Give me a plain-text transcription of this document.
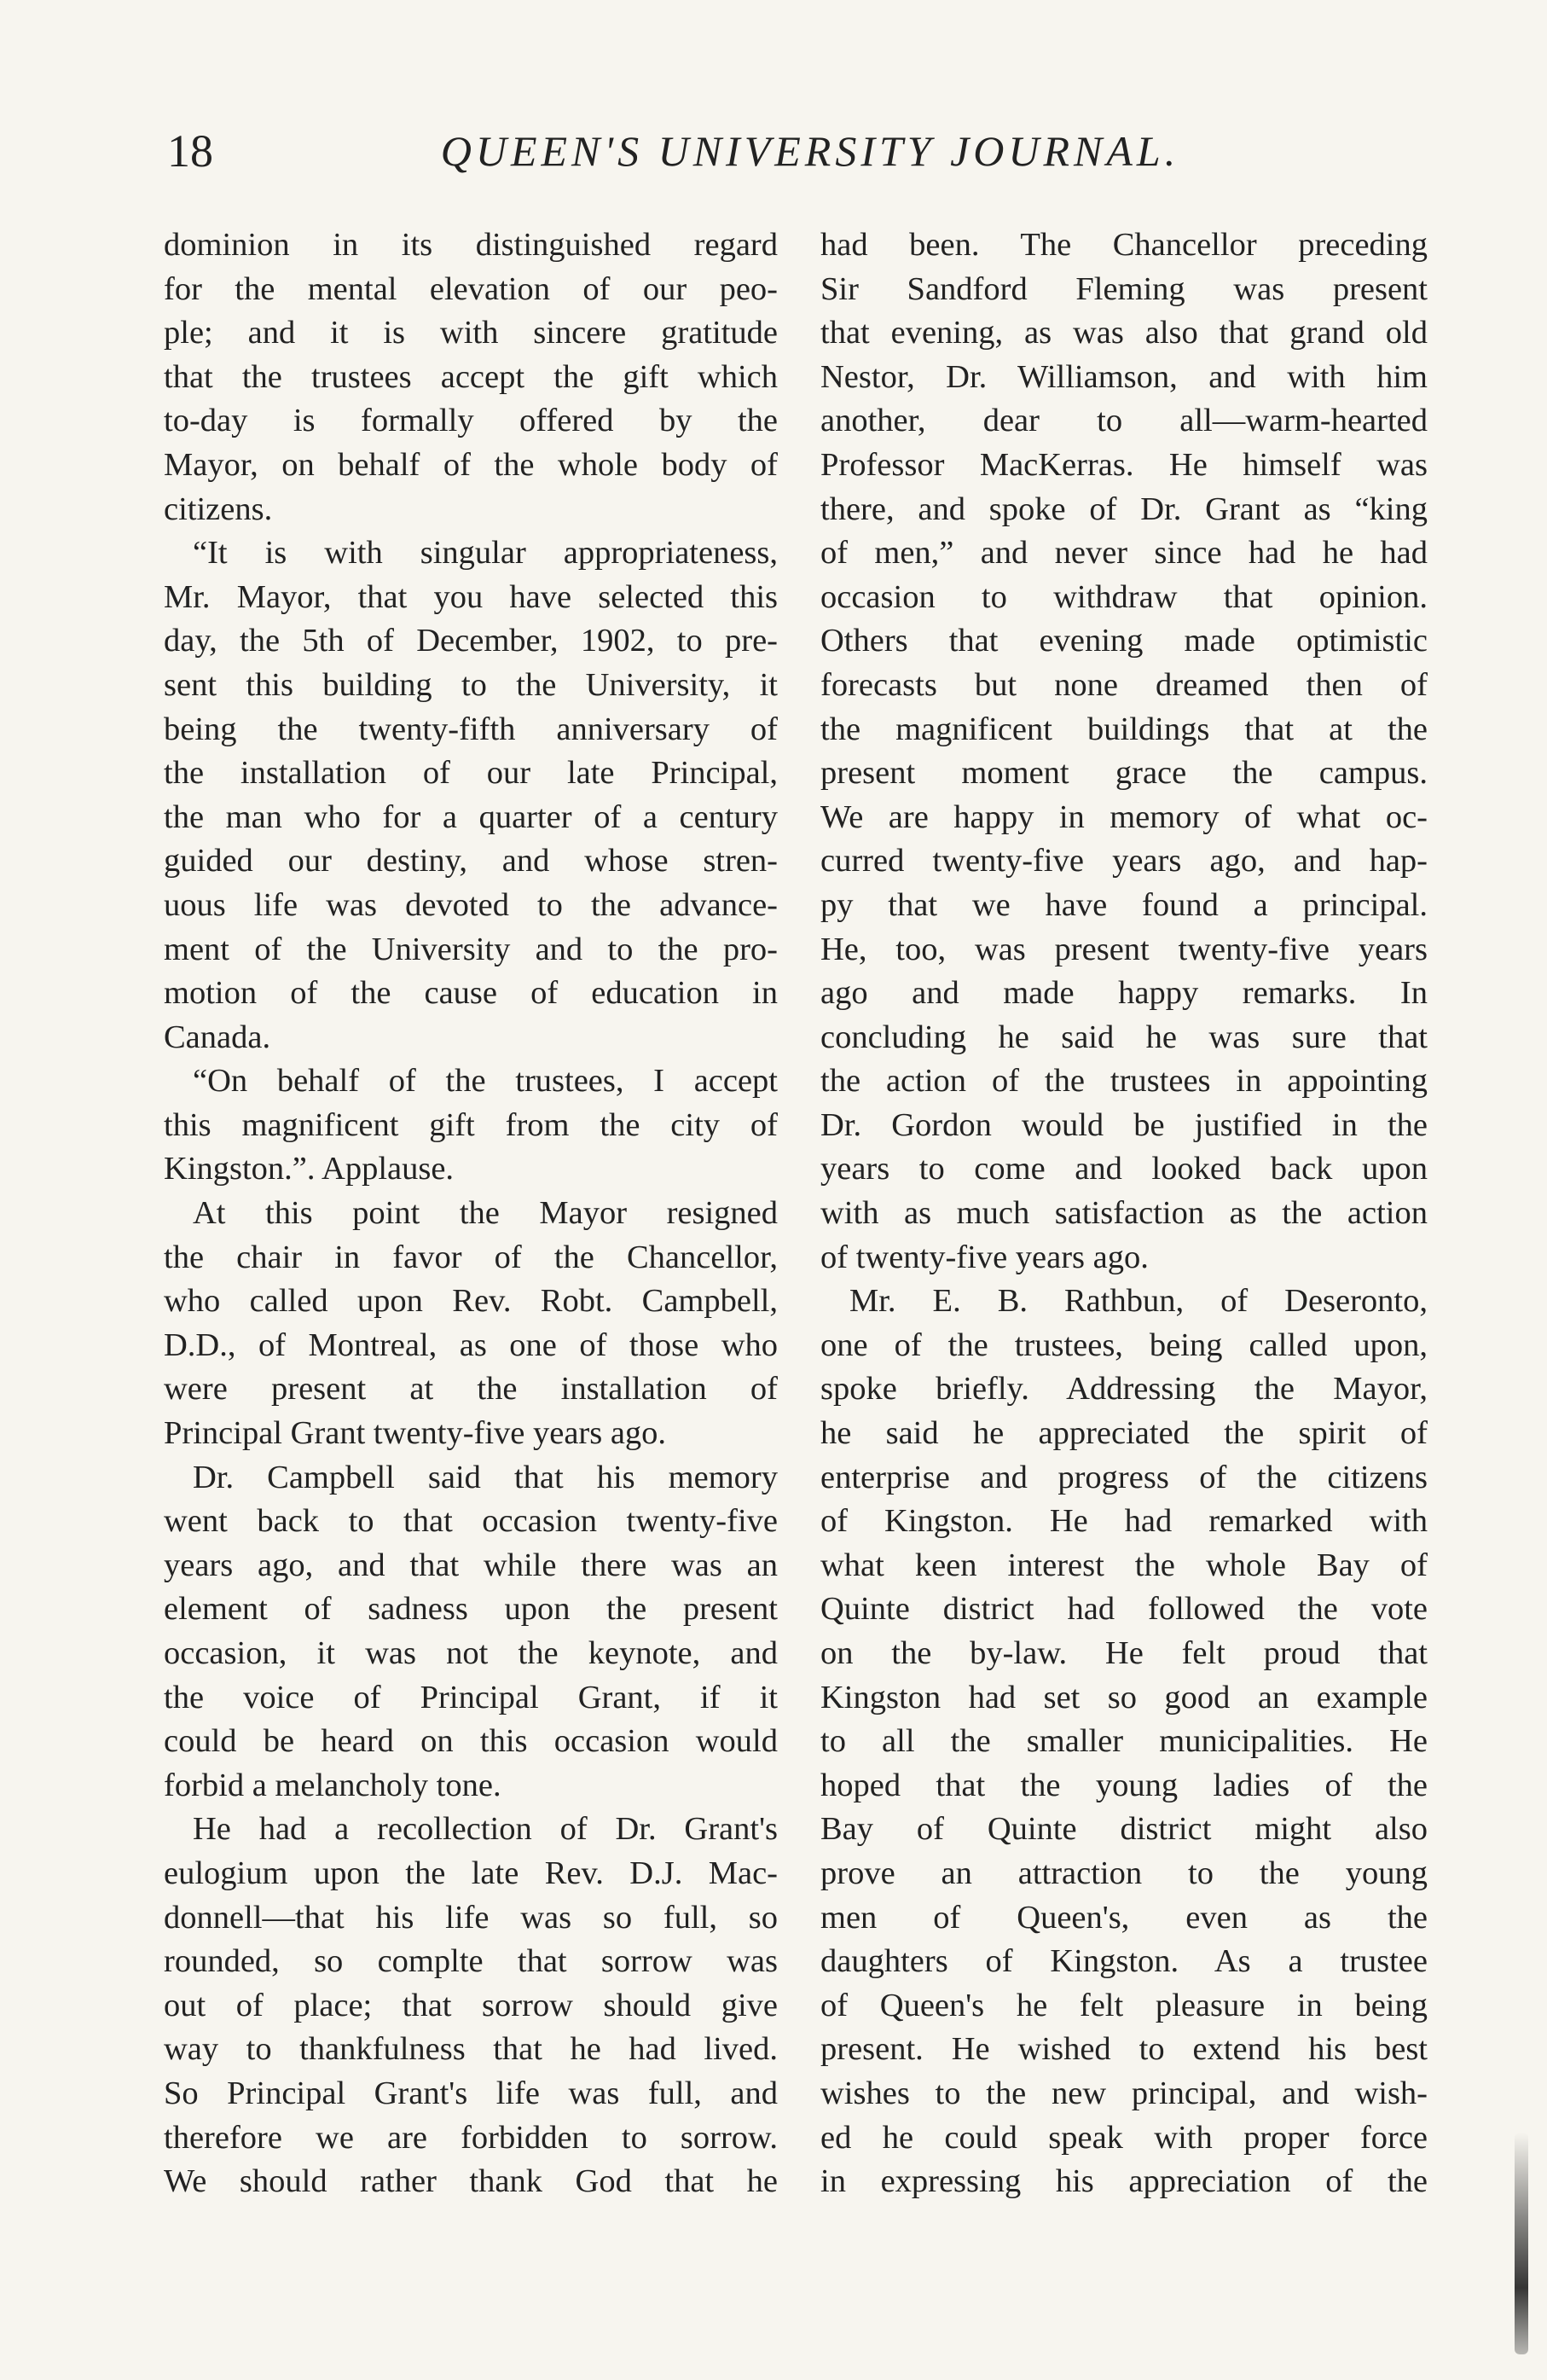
18	QUEEN'S UNIVERSITY JOURNAL.
dominion in its distinguished regard
for the mental elevation of our peo-
ple; and it is with sincere gratitude
that the trustees accept the gift which
to-day is formally offered by the
Mayor, on behalf of the whole body of
citizens.
“It is with singular appropriateness,
Mr. Mayor, that you have selected this
day, the 5th of December, 1902, to pre-
sent this building to the University, it
being the twenty-fifth anniversary of
the installation of our late Principal,
the man who for a quarter of a century
guided our destiny, and whose stren-
uous life was devoted to the advance-
ment of the University and to the pro-
motion of the cause of education in
Canada.
“On behalf of the trustees, I accept
this magnificent gift from the city of
Kingston.”. Applause.
At this point the Mayor resigned
the chair in favor of the Chancellor,
who called upon Rev. Robt. Campbell,
D.D., of Montreal, as one of those who
were present at the installation of
Principal Grant twenty-five years ago.
Dr. Campbell said that his memory
went back to that occasion twenty-five
years ago, and that while there was an
element of sadness upon the present
occasion, it was not the keynote, and
the voice of Principal Grant, if it
could be heard on this occasion would
forbid a melancholy tone.
He had a recollection of Dr. Grant's
eulogium upon the late Rev. D.J. Mac-
donnell—that his life was so full, so
rounded, so complte that sorrow was
out of place; that sorrow should give
way to thankfulness that he had lived.
So Principal Grant's life was full, and
therefore we are forbidden to sorrow.
We should rather thank God that he
had been. The Chancellor preceding
Sir Sandford Fleming was present
that evening, as was also that grand old
Nestor, Dr. Williamson, and with him
another, dear to all—warm-hearted
Professor MacKerras. He himself was
there, and spoke of Dr. Grant as “king
of men,” and never since had he had
occasion to withdraw that opinion.
Others that evening made optimistic
forecasts but none dreamed then of
the magnificent buildings that at the
present moment grace the campus.
We are happy in memory of what oc-
curred twenty-five years ago, and hap-
py that we have found a principal.
He, too, was present twenty-five years
ago and made happy remarks. In
concluding he said he was sure that
the action of the trustees in appointing
Dr. Gordon would be justified in the
years to come and looked back upon
with as much satisfaction as the action
of twenty-five years ago.
Mr. E. B. Rathbun, of Deseronto,
one of the trustees, being called upon,
spoke briefly. Addressing the Mayor,
he said he appreciated the spirit of
enterprise and progress of the citizens
of Kingston. He had remarked with
what keen interest the whole Bay of
Quinte district had followed the vote
on the by-law. He felt proud that
Kingston had set so good an example
to all the smaller municipalities. He
hoped that the young ladies of the
Bay of Quinte district might also
prove an attraction to the young
men of Queen's, even as the
daughters of Kingston. As a trustee
of Queen's he felt pleasure in being
present. He wished to extend his best
wishes to the new principal, and wish-
ed he could speak with proper force
in expressing his appreciation of the
